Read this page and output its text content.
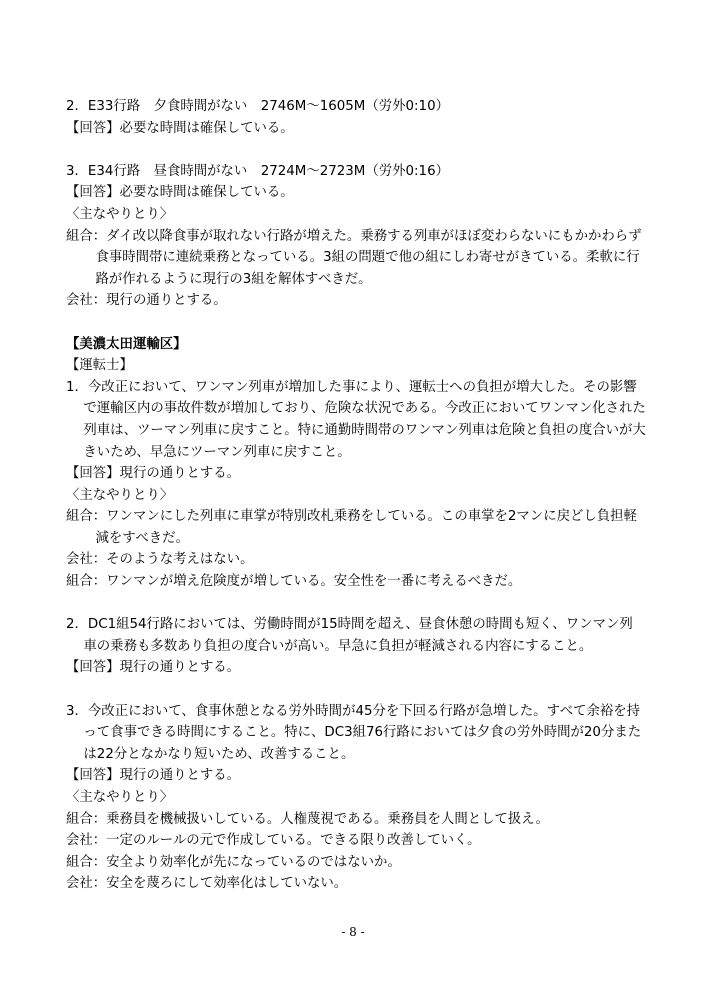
2．E33行路　夕食時間がない　2746M～1605M（労外0:10）
【回答】必要な時間は確保している。
3．E34行路　昼食時間がない　2724M～2723M（労外0:16）
【回答】必要な時間は確保している。
〈主なやりとり〉
組合：ダイ改以降食事が取れない行路が増えた。乗務する列車がほぼ変わらないにもかかわらず食事時間帯に連続乗務となっている。3組の問題で他の組にしわ寄せがきている。柔軟に行路が作れるように現行の3組を解体すべきだ。
会社：現行の通りとする。
【美濃太田運輸区】
【運転士】
1．今改正において、ワンマン列車が増加した事により、運転士への負担が増大した。その影響で運輸区内の事故件数が増加しており、危険な状況である。今改正においてワンマン化された列車は、ツーマン列車に戻すこと。特に通勤時間帯のワンマン列車は危険と負担の度合いが大きいため、早急にツーマン列車に戻すこと。
【回答】現行の通りとする。
〈主なやりとり〉
組合：ワンマンにした列車に車掌が特別改札乗務をしている。この車掌を2マンに戻どし負担軽減をすべきだ。
会社：そのような考えはない。
組合：ワンマンが増え危険度が増している。安全性を一番に考えるべきだ。
2．DC1組54行路においては、労働時間が15時間を超え、昼食休憩の時間も短く、ワンマン列車の乗務も多数あり負担の度合いが高い。早急に負担が軽減される内容にすること。
【回答】現行の通りとする。
3．今改正において、食事休憩となる労外時間が45分を下回る行路が急増した。すべて余裕を持って食事できる時間にすること。特に、DC3組76行路においては夕食の労外時間が20分または22分となかなり短いため、改善すること。
【回答】現行の通りとする。
〈主なやりとり〉
組合：乗務員を機械扱いしている。人権蔑視である。乗務員を人間として扱え。
会社：一定のルールの元で作成している。できる限り改善していく。
組合：安全より効率化が先になっているのではないか。
会社：安全を蔑ろにして効率化はしていない。
- 8 -
